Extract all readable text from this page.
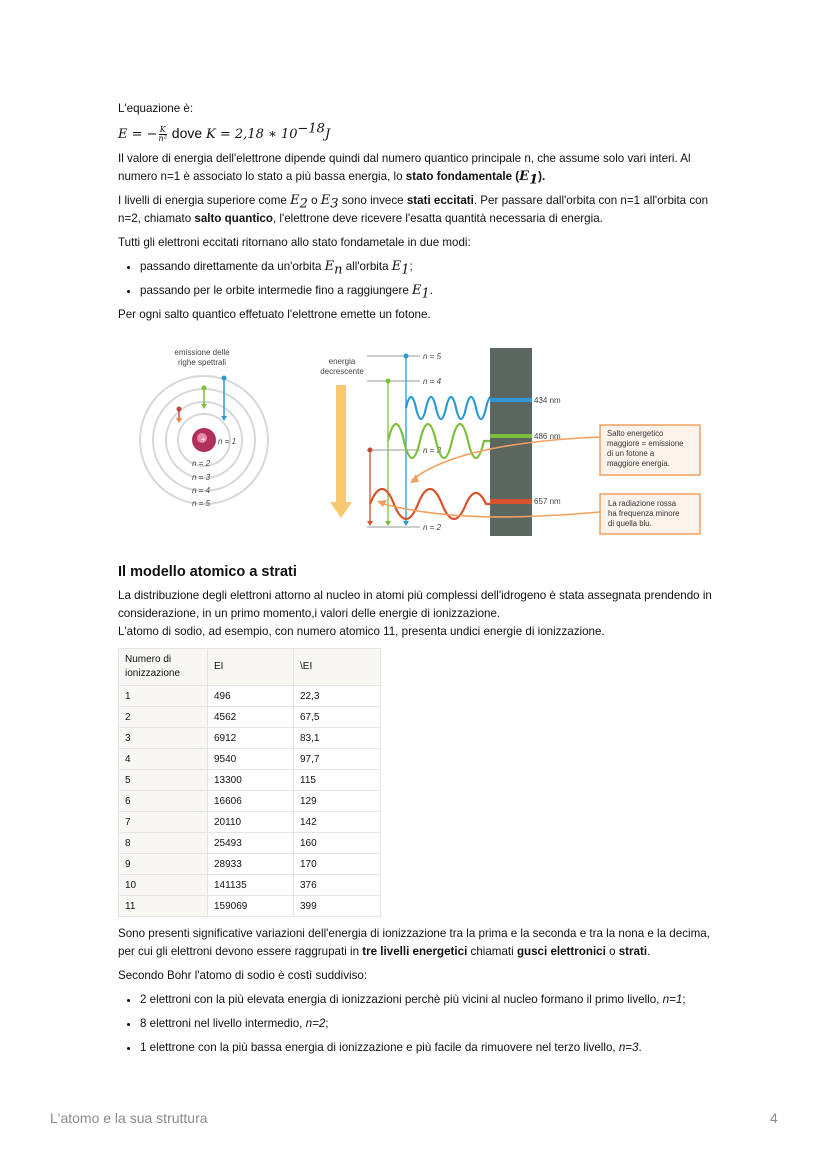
L'equazione è:

E = − $\frac{K}{\text{n²}}$ dove K = 2,18 ∗ $10^{-18}J$

Il valore di energia dell'elettrone dipende quindi dal numero quantico principale n, che assume solo vari interi. Al numero n=1 è associato lo stato a più bassa energia, lo stato fondamentale $(E_1)$.

I livelli di energia superiore come $E_2$ o $E_3$ sono invece stati eccitati. Per passare dall'orbita con n=1 all'orbita con n=2, chiamato salto quantico, l'elettrone deve ricevere l'esatta quantità necessaria di energia.

Tutti gli elettroni eccitati ritornano allo stato fondametale in due modi:

• passando direttamente da un'orbita $E_n$ all'orbita $E_1$;
• passando per le orbite intermedie fino a raggiungere $E_1$.

Per ogni salto quantico effetuato l'elettrone emette un fotone.

emissione delle
righe spettrali
+ n = 1
n = 2
n = 3
n = 4
n = 5
energia
decrescente
n = 5
n = 4
n = 3
n = 2
434 nm
486 nm
657 nm
Salto energetico
maggiore = emissione
di un fotone a
maggiore energia.
La radiazione rossa
ha frequenza minore
di quella blu.
Il modello atomico a strati

La distribuzione degli elettroni attorno al nucleo in atomi più complessi dell'idrogeno è stata assegnata prendendo in considerazione, in un primo momento,i valori delle energie di ionizzazione.

L'atomo di sodio, ad esempio, con numero atomico 11, presenta undici energie di ionizzazione.

Numero di ionizzazione	EI	\EI
1	496	22,3
2	4562	67,5
3	6912	83,1
4	9540	97,7
5	13300	115
6	16606	129
7	20110	142
8	25493	160
9	28933	170
10	141135	376
11	159069	399

Sono presenti significative variazioni dell'energia di ionizzazione tra la prima e la seconda e tra la nona e la decima, per cui gli elettroni devono essere raggrupati in tre livelli energetici chiamati gusci elettronici o strati.

Secondo Bohr l'atomo di sodio è costì suddiviso:

• 2 elettroni con la più elevata energia di ionizzazioni perchè più vicini al nucleo formano il primo livello, n=1;
• 8 elettroni nel livello intermedio, n=2;
• 1 elettrone con la più bassa energia di ionizzazione e più facile da rimuovere nel terzo livello, n=3.
L'atomo e la sua struttura	4
